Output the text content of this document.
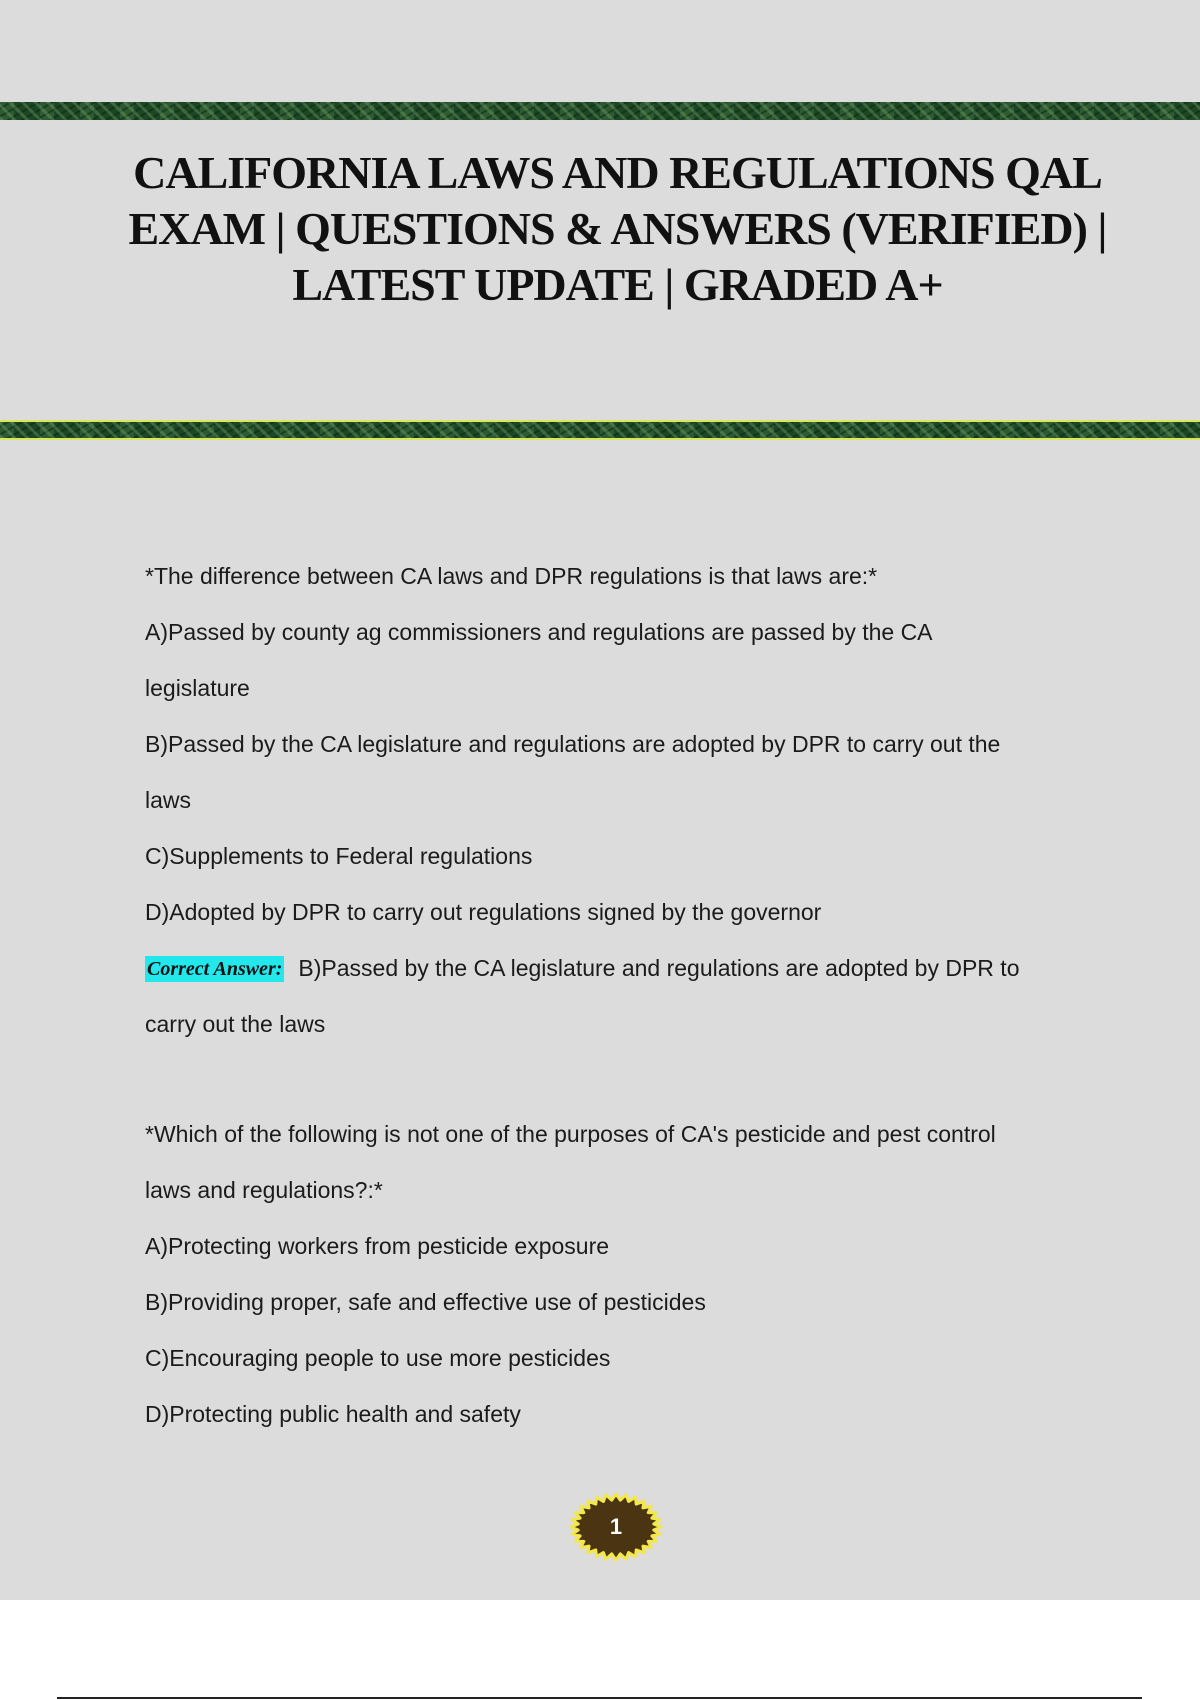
CALIFORNIA LAWS AND REGULATIONS QAL EXAM | QUESTIONS & ANSWERS (VERIFIED) | LATEST UPDATE | GRADED A+

*The difference between CA laws and DPR regulations is that laws are:*

A)Passed by county ag commissioners and regulations are passed by the CA

legislature

B)Passed by the CA legislature and regulations are adopted by DPR to carry out the

laws

C)Supplements to Federal regulations

D)Adopted by DPR to carry out regulations signed by the governor

Correct Answer: B)Passed by the CA legislature and regulations are adopted by DPR to

carry out the laws

*Which of the following is not one of the purposes of CA's pesticide and pest control

laws and regulations?:*

A)Protecting workers from pesticide exposure

B)Providing proper, safe and effective use of pesticides

C)Encouraging people to use more pesticides

D)Protecting public health and safety

1
